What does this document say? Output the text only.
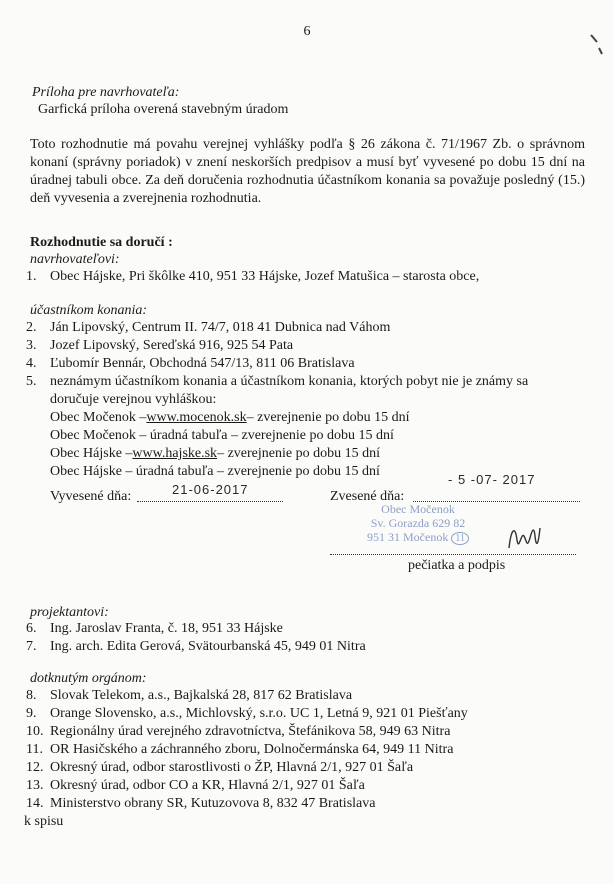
6
Príloha pre navrhovateľa:
Garfická príloha overená stavebným úradom
Toto rozhodnutie má povahu verejnej vyhlášky podľa § 26 zákona č. 71/1967 Zb. o správnom konaní (správny poriadok) v znení neskorších predpisov a musí byť vyvesené po dobu 15 dní na úradnej tabuli obce. Za deň doručenia rozhodnutia účastníkom konania sa považuje posledný (15.) deň vyvesenia a zverejnenia rozhodnutia.
Rozhodnutie sa doručí :
navrhovateľovi:
1. Obec Hájske, Pri škôlke 410, 951 33 Hájske, Jozef Matušica – starosta obce,
účastníkom konania:
2. Ján Lipovský, Centrum II. 74/7, 018 41 Dubnica nad Váhom
3. Jozef Lipovský, Sereďská 916, 925 54 Pata
4. Ľubomír Bennár, Obchodná 547/13, 811 06 Bratislava
5. neznámym účastníkom konania a účastníkom konania, ktorých pobyt nie je známy sa
doručuje verejnou vyhláškou:
Obec Močenok – www.mocenok.sk – zverejnenie po dobu 15 dní
Obec Močenok – úradná tabuľa – zverejnenie po dobu 15 dní
Obec Hájske – www.hajske.sk – zverejnenie po dobu 15 dní
Obec Hájske – úradná tabuľa – zverejnenie po dobu 15 dní
Vyvesené dňa:	21-06-2017	Zvesené dňa:
- 5 -07- 2017
Obec Močenok
Sv. Gorazda 629 82
951 31 Močenok 11
pečiatka a podpis
projektantovi:
6. Ing. Jaroslav Franta, č. 18, 951 33 Hájske
7. Ing. arch. Edita Gerová, Svätourbanská 45, 949 01 Nitra
dotknutým orgánom:
8. Slovak Telekom, a.s., Bajkalská 28, 817 62 Bratislava
9. Orange Slovensko, a.s., Michlovský, s.r.o. UC 1, Letná 9, 921 01 Piešťany
10. Regionálny úrad verejného zdravotníctva, Štefánikova 58, 949 63 Nitra
11. OR Hasičského a záchranného zboru, Dolnočermánska 64, 949 11 Nitra
12. Okresný úrad, odbor starostlivosti o ŽP, Hlavná 2/1, 927 01 Šaľa
13. Okresný úrad, odbor CO a KR, Hlavná 2/1, 927 01 Šaľa
14. Ministerstvo obrany SR, Kutuzovova 8, 832 47 Bratislava
k spisu
